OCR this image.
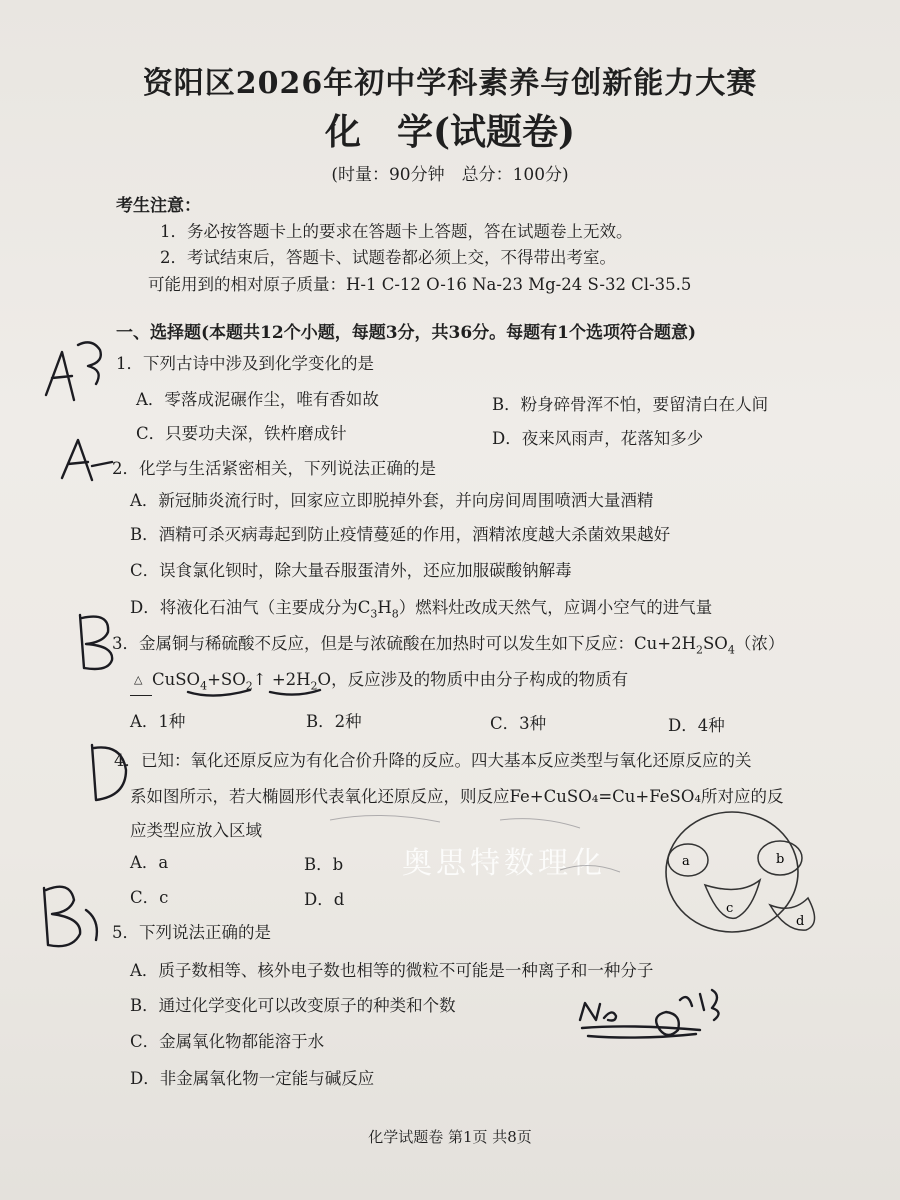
资阳区2026年初中学科素养与创新能力大赛
化　学(试题卷)
(时量：90分钟　总分：100分)
考生注意：
1．务必按答题卡上的要求在答题卡上答题，答在试题卷上无效。
2．考试结束后，答题卡、试题卷都必须上交，不得带出考室。
可能用到的相对原子质量：H-1 C-12 O-16 Na-23 Mg-24 S-32 Cl-35.5
一、选择题(本题共12个小题，每题3分，共36分。每题有1个选项符合题意)
1．下列古诗中涉及到化学变化的是
A．零落成泥碾作尘，唯有香如故	B．粉身碎骨浑不怕，要留清白在人间
C．只要功夫深，铁杵磨成针	D．夜来风雨声，花落知多少
2．化学与生活紧密相关，下列说法正确的是
A．新冠肺炎流行时，回家应立即脱掉外套，并向房间周围喷洒大量酒精
B．酒精可杀灭病毒起到防止疫情蔓延的作用，酒精浓度越大杀菌效果越好
C．误食氯化钡时，除大量吞服蛋清外，还应加服碳酸钠解毒
D．将液化石油气（主要成分为$C_3H_8$）燃料灶改成天然气，应调小空气的进气量
3．金属铜与稀硫酸不反应，但是与浓硫酸在加热时可以发生如下反应：$Cu+2H_2SO_4$（浓）
△ $CuSO_4+SO_2↑ +2H_2O$，反应涉及的物质中由分子构成的物质有
A．1种	B．2种	C．3种	D．4种
4．已知：氧化还原反应为有化合价升降的反应。四大基本反应类型与氧化还原反应的关
系如图所示，若大椭圆形代表氧化还原反应，则反应Fe+CuSO₄=Cu+FeSO₄所对应的反
应类型应放入区域
A．a	B．b
C．c	D．d
a	b
c
d
奥思特数理化
5．下列说法正确的是
A．质子数相等、核外电子数也相等的微粒不可能是一种离子和一种分子
B．通过化学变化可以改变原子的种类和个数
C．金属氧化物都能溶于水
D．非金属氧化物一定能与碱反应
化学试题卷 第1页 共8页
